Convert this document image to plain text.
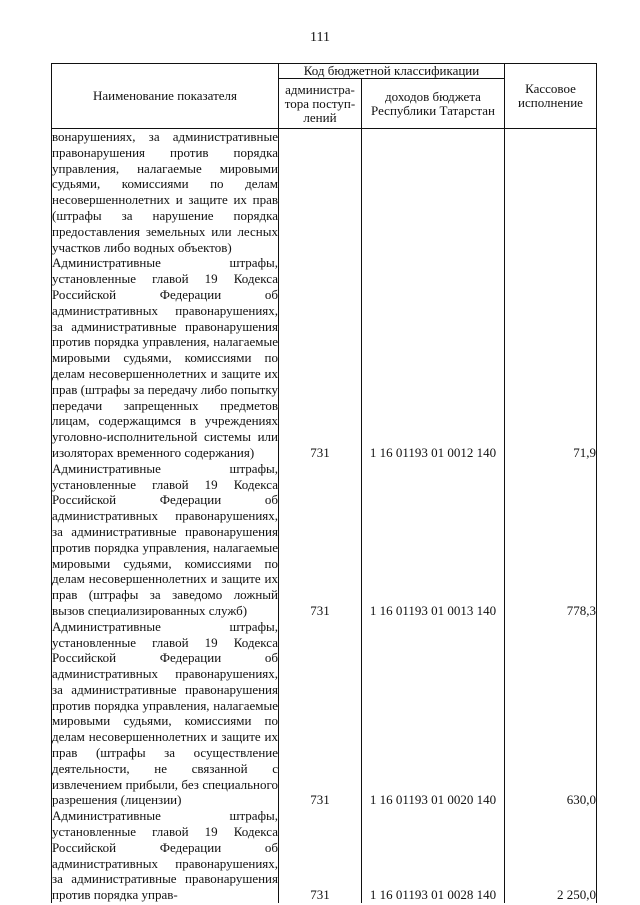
111
Наименование показателя	Код бюджетной классификации		Кассовое исполнение
	администра-тора поступ-лений	доходов бюджета Республики Татарстан	

вонарушениях, за административные правонарушения против порядка управления, налагаемые мировыми судьями, комиссиями по делам несовершеннолетних и защите их прав (штрафы за нарушение порядка предоставления земельных или лесных участков либо водных объектов)			

Административные штрафы, установленные главой 19 Кодекса Российской Федерации об административных правонарушениях, за административные правонарушения против порядка управления, налагаемые мировыми судьями, комиссиями по делам несовершеннолетних и защите их прав (штрафы за передачу либо попытку передачи запрещенных предметов лицам, содержащимся в учреждениях уголовно-исполнительной системы или изоляторах временного содержания)	731	1 16 01193 01 0012 140	71,9

Административные штрафы, установленные главой 19 Кодекса Российской Федерации об административных правонарушениях, за административные правонарушения против порядка управления, налагаемые мировыми судьями, комиссиями по делам несовершеннолетних и защите их прав (штрафы за заведомо ложный вызов специализированных служб)	731	1 16 01193 01 0013 140	778,3

Административные штрафы, установленные главой 19 Кодекса Российской Федерации об административных правонарушениях, за административные правонарушения против порядка управления, налагаемые мировыми судьями, комиссиями по делам несовершеннолетних и защите их прав (штрафы за осуществление деятельности, не связанной с извлечением прибыли, без специального разрешения (лицензии)	731	1 16 01193 01 0020 140	630,0

Административные штрафы, установленные главой 19 Кодекса Российской Федерации об административных правонарушениях, за административные правонарушения против порядка управ-	731	1 16 01193 01 0028 140	2 250,0
